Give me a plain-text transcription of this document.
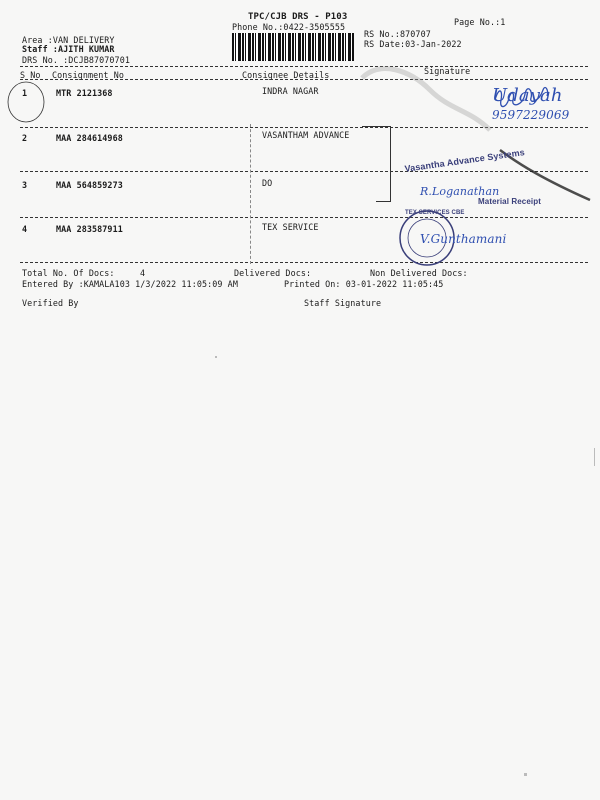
TPC/CJB DRS - P103
Phone No.:0422-3505555	Page No.:1
Area :VAN DELIVERY
Staff :AJITH KUMAR
DRS No. :DCJB87070701
RS No.:870707
RS Date:03-Jan-2022
S No Consignment No	Consignee Details	Signature
1	MTR 2121368	INDRA NAGAR
2	MAA 284614968	VASANTHAM ADVANCE
3	MAA 564859273	DO
4	MAA 283587911	TEX SERVICE
Total No. Of Docs:	4	Delivered Docs:	Non Delivered Docs:
Entered By :KAMALA103 1/3/2022 11:05:09 AM	Printed On: 03-01-2022 11:05:45
Verified By	Staff Signature
Udayah
9597229069
Vasantha Advance Systems
R.Loganathan
Material Receipt
TEX SERVICES CBE
V.Gunthamani
